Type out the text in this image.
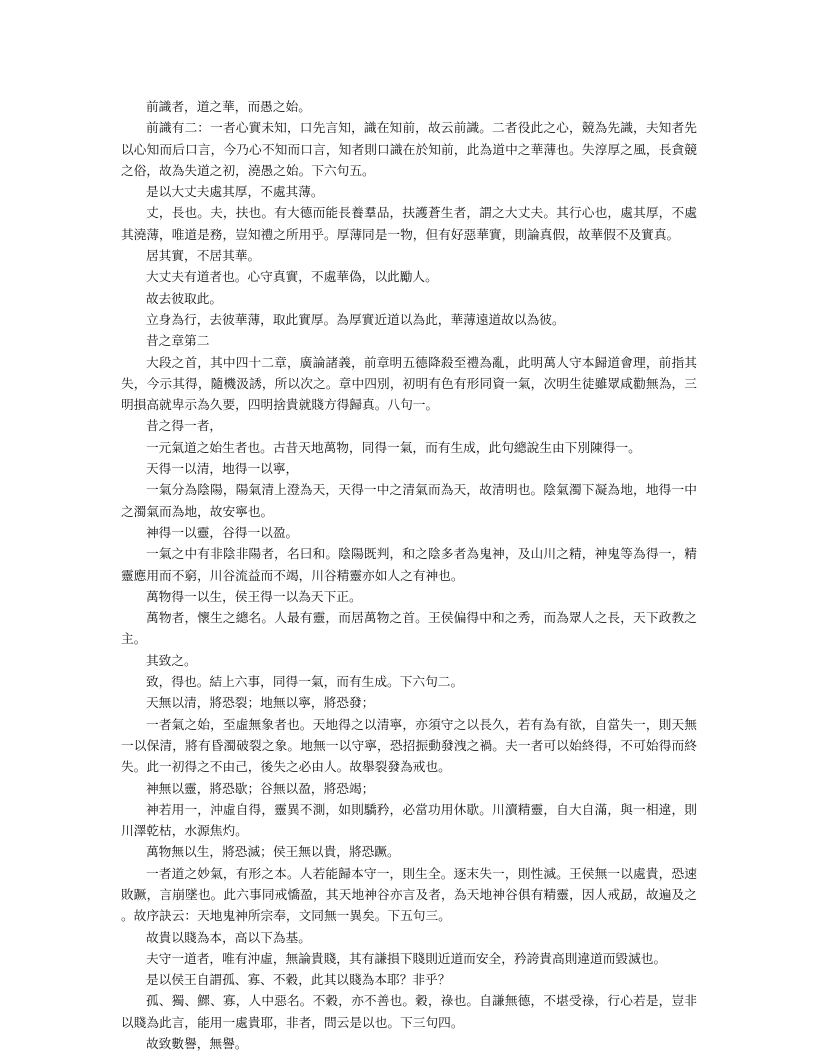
前識者，道之華，而愚之始。

前識有二：一者心實未知，口先言知，識在知前，故云前識。二者役此之心，競為先識，夫知者先以心知而后口言，今乃心不知而口言，知者則口識在於知前，此為道中之華薄也。失淳厚之風，長貪競之俗，故為失道之初，澆愚之始。下六句五。

是以大丈夫處其厚，不處其薄。

丈，長也。夫，扶也。有大德而能長養羣品，扶護蒼生者，謂之大丈夫。其行心也，處其厚，不處其澆薄，唯道是務，豈知禮之所用乎。厚薄同是一物，但有好惡華實，則論真假，故華假不及實真。

居其實，不居其華。

大丈夫有道者也。心守真實，不處華偽，以此勵人。

故去彼取此。

立身為行，去彼華薄，取此實厚。為厚實近道以為此，華薄遠道故以為彼。

昔之章第二

大段之首，其中四十二章，廣論諸義，前章明五德降殺至禮為亂，此明萬人守本歸道會理，前指其失，今示其得，隨機汲誘，所以次之。章中四別，初明有色有形同資一氣，次明生徒雖眾咸勸無為，三明損高就卑示為久要，四明捨貴就賤方得歸真。八句一。

昔之得一者，

一元氣道之始生者也。古昔天地萬物，同得一氣，而有生成，此句總說生由下別陳得一。

天得一以清，地得一以寧，

一氣分為陰陽，陽氣清上澄為天，天得一中之清氣而為天，故清明也。陰氣濁下凝為地，地得一中之濁氣而為地，故安寧也。

神得一以靈，谷得一以盈。

一氣之中有非陰非陽者，名曰和。陰陽既判，和之陰多者為鬼神，及山川之精，神鬼等為得一，精靈應用而不窮，川谷流益而不竭，川谷精靈亦如人之有神也。

萬物得一以生，侯王得一以為天下正。

萬物者，懷生之總名。人最有靈，而居萬物之首。王侯偏得中和之秀，而為眾人之長，天下政教之主。

其致之。

致，得也。結上六事，同得一氣，而有生成。下六句二。

天無以清，將恐裂；地無以寧，將恐發；

一者氣之始，至虛無象者也。天地得之以清寧，亦須守之以長久，若有為有欲，自當失一，則天無一以保清，將有昏濁破裂之象。地無一以守寧，恐招振動發洩之禍。夫一者可以始終得，不可始得而終失。此一初得之不由己，後失之必由人。故舉裂發為戒也。

神無以靈，將恐歇；谷無以盈，將恐竭；

神若用一，沖虛自得，靈異不測，如則驕矜，必當功用休歇。川瀆精靈，自大自滿，與一相違，則川澤乾枯，水源焦灼。

萬物無以生，將恐滅；侯王無以貴，將恐蹶。

一者道之妙氣，有形之本。人若能歸本守一，則生全。逐末失一，則性滅。王侯無一以處貴，恐速敗蹶，言崩墜也。此六事同戒憍盈，其天地神谷亦言及者，為天地神谷俱有精靈，因人戒勗，故遍及之。故序訣云：天地鬼神所宗奉，文同無一異矣。下五句三。

故貴以賤為本，高以下為基。

夫守一道者，唯有沖虛，無論貴賤，其有謙損下賤則近道而安全，矜誇貴高則違道而毀滅也。

是以侯王自謂孤、寡、不穀，此其以賤為本耶？非乎？

孤、獨、鰥、寡，人中惡名。不穀，亦不善也。穀，祿也。自謙無德，不堪受祿，行心若是，豈非以賤為此言，能用一處貴耶，非者，問云是以也。下三句四。

故致數譽，無譽。
